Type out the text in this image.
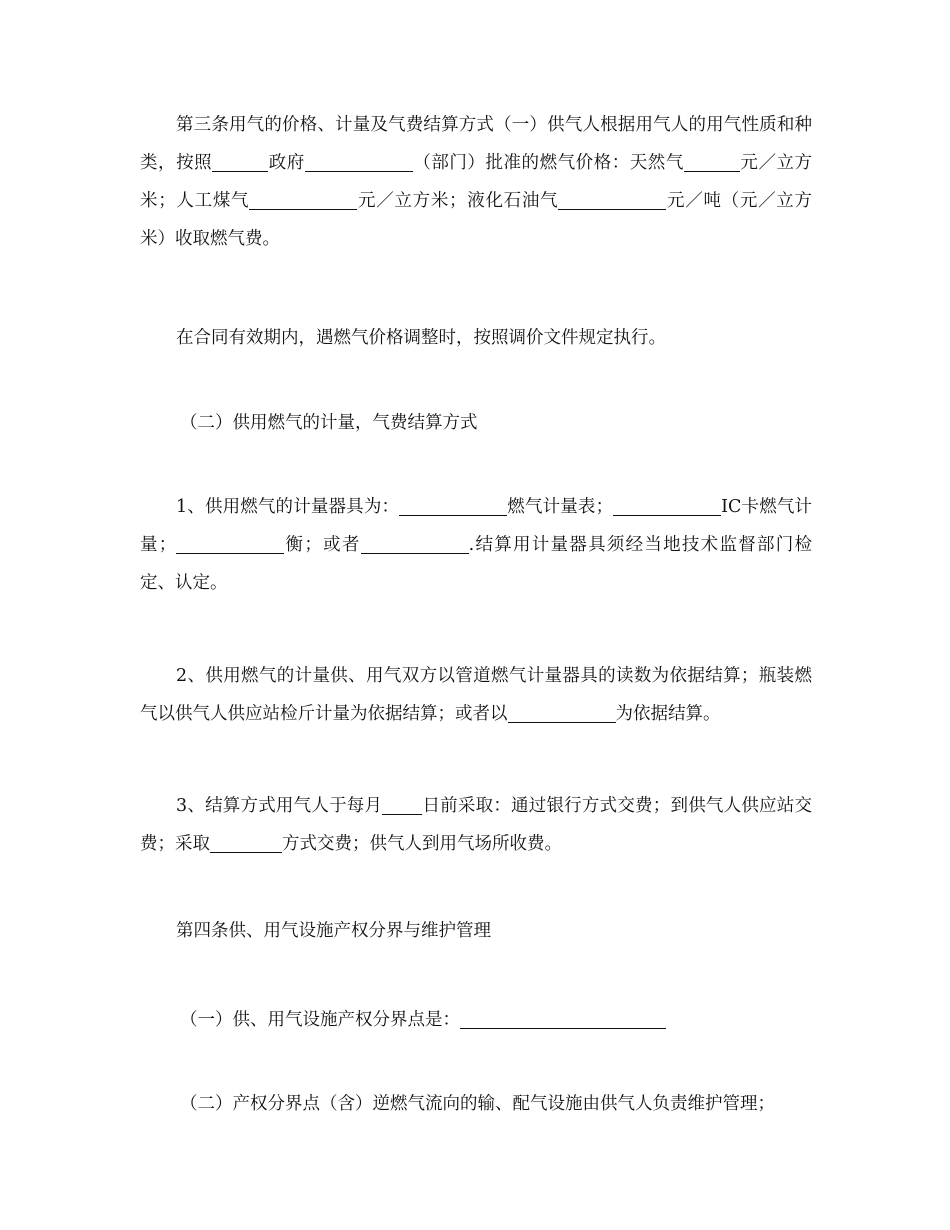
第三条用气的价格、计量及气费结算方式（一）供气人根据用气人的用气性质和种类，按照	政府	（部门）批准的燃气价格：天然气	元／立方米；人工煤气	元／立方米；液化石油气	元／吨（元／立方米）收取燃气费。
在合同有效期内，遇燃气价格调整时，按照调价文件规定执行。
（二）供用燃气的计量，气费结算方式
1、供用燃气的计量器具为：	燃气计量表；	IC卡燃气计量；	衡；或者	.结算用计量器具须经当地技术监督部门检定、认定。
2、供用燃气的计量供、用气双方以管道燃气计量器具的读数为依据结算；瓶装燃气以供气人供应站检斤计量为依据结算；或者以	为依据结算。
3、结算方式用气人于每月 日前采取：通过银行方式交费；到供气人供应站交费；采取	方式交费；供气人到用气场所收费。
第四条供、用气设施产权分界与维护管理
（一）供、用气设施产权分界点是：
（二）产权分界点（含）逆燃气流向的输、配气设施由供气人负责维护管理；
